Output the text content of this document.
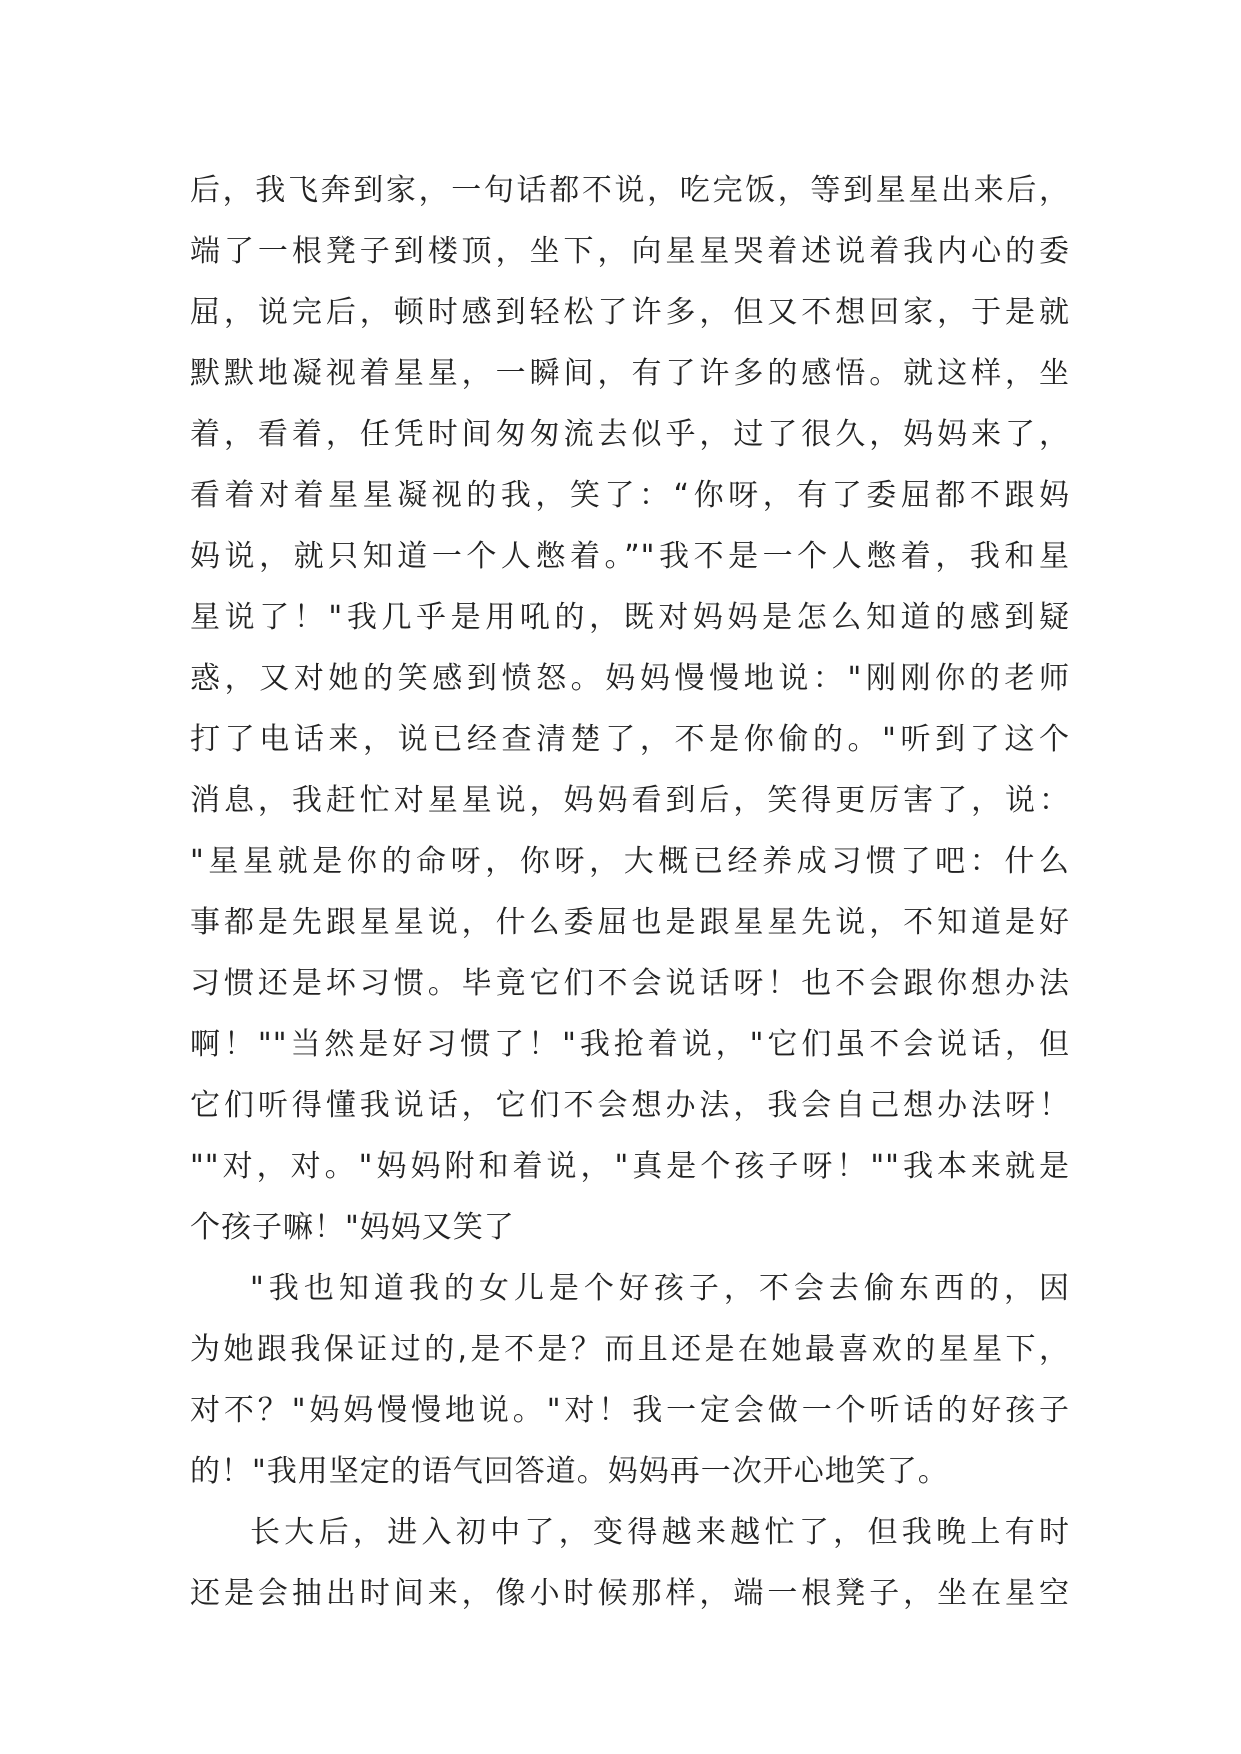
后，我飞奔到家，一句话都不说，吃完饭，等到星星出来后，
端了一根凳子到楼顶，坐下，向星星哭着述说着我内心的委
屈，说完后，顿时感到轻松了许多，但又不想回家，于是就
默默地凝视着星星，一瞬间，有了许多的感悟。就这样，坐
着，看着，任凭时间匆匆流去似乎，过了很久，妈妈来了，
看着对着星星凝视的我，笑了：“你呀，有了委屈都不跟妈
妈说，就只知道一个人憋着。”"我不是一个人憋着，我和星
星说了！"我几乎是用吼的，既对妈妈是怎么知道的感到疑
惑，又对她的笑感到愤怒。妈妈慢慢地说："刚刚你的老师
打了电话来，说已经查清楚了，不是你偷的。"听到了这个
消息，我赶忙对星星说，妈妈看到后，笑得更厉害了，说：
"星星就是你的命呀，你呀，大概已经养成习惯了吧：什么
事都是先跟星星说，什么委屈也是跟星星先说，不知道是好
习惯还是坏习惯。毕竟它们不会说话呀！也不会跟你想办法
啊！""当然是好习惯了！"我抢着说，"它们虽不会说话，但
它们听得懂我说话，它们不会想办法，我会自己想办法呀！
""对，对。"妈妈附和着说，"真是个孩子呀！""我本来就是
个孩子嘛！"妈妈又笑了
"我也知道我的女儿是个好孩子，不会去偷东西的，因
为她跟我保证过的,是不是？而且还是在她最喜欢的星星下，
对不？"妈妈慢慢地说。"对！我一定会做一个听话的好孩子
的！"我用坚定的语气回答道。妈妈再一次开心地笑了。
长大后，进入初中了，变得越来越忙了，但我晚上有时
还是会抽出时间来，像小时候那样，端一根凳子，坐在星空
